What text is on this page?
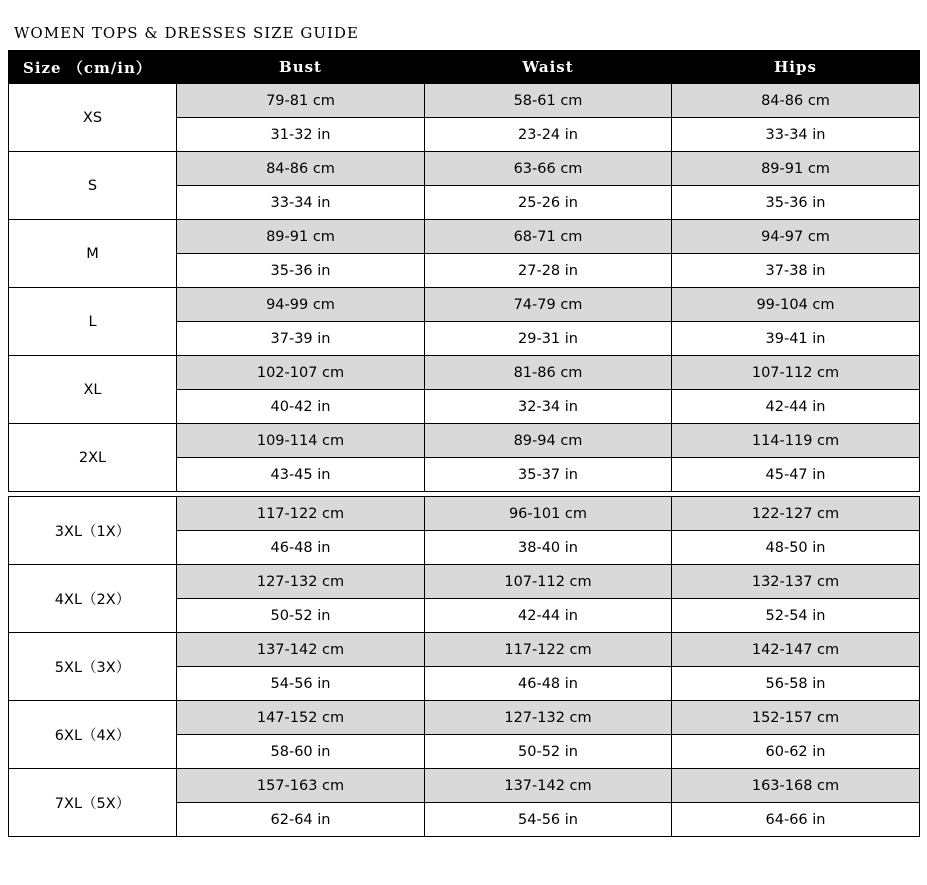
WOMEN TOPS & DRESSES SIZE GUIDE
Size （cm/in）	Bust	Waist	Hips
XS	79-81 cm	58-61 cm	84-86 cm
	31-32 in	23-24 in	33-34 in
S	84-86 cm	63-66 cm	89-91 cm
	33-34 in	25-26 in	35-36 in
M	89-91 cm	68-71 cm	94-97 cm
	35-36 in	27-28 in	37-38 in
L	94-99 cm	74-79 cm	99-104 cm
	37-39 in	29-31 in	39-41 in
XL	102-107 cm	81-86 cm	107-112 cm
	40-42 in	32-34 in	42-44 in
2XL	109-114 cm	89-94 cm	114-119 cm
	43-45 in	35-37 in	45-47 in

3XL（1X）	117-122 cm	96-101 cm	122-127 cm
	46-48 in	38-40 in	48-50 in
4XL（2X）	127-132 cm	107-112 cm	132-137 cm
	50-52 in	42-44 in	52-54 in
5XL（3X）	137-142 cm	117-122 cm	142-147 cm
	54-56 in	46-48 in	56-58 in
6XL（4X）	147-152 cm	127-132 cm	152-157 cm
	58-60 in	50-52 in	60-62 in
7XL（5X）	157-163 cm	137-142 cm	163-168 cm
	62-64 in	54-56 in	64-66 in
